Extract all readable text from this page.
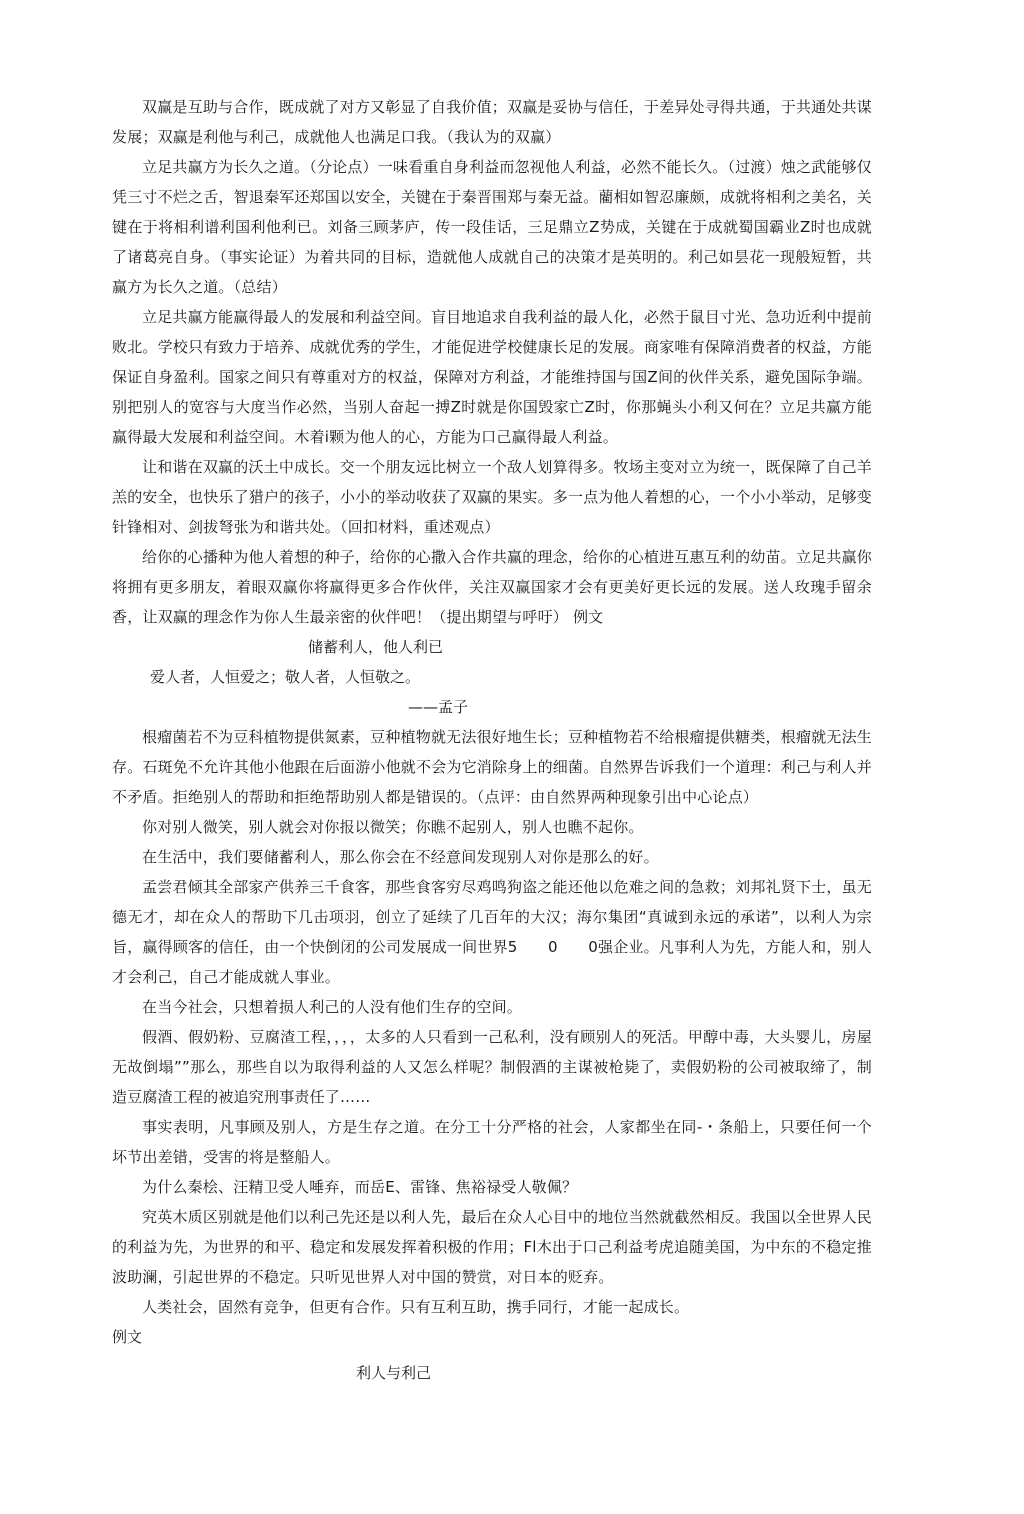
双赢是互助与合作，既成就了对方又彰显了自我价值；双赢是妥协与信任，于差异处寻得共通，于共通处共谋发展；双赢是利他与利己，成就他人也满足口我。（我认为的双赢）

立足共赢方为长久之道。（分论点）一味看重自身利益而忽视他人利益，必然不能长久。（过渡）烛之武能够仅凭三寸不烂之舌，智退秦军还郑国以安全，关键在于秦晋围郑与秦无益。藺相如智忍廉颇，成就将相利之美名，关键在于将相利谱利国利他利已。刘备三顾茅庐，传一段佳话，三足鼎立Z势成，关键在于成就蜀国霸业Z时也成就了诸葛亮自身。（事实论证）为着共同的目标，造就他人成就自己的决策才是英明的。利己如昙花一现般短暂，共赢方为长久之道。（总结）

立足共赢方能赢得最人的发展和利益空间。盲目地追求自我利益的最人化，必然于鼠目寸光、急功近利中提前败北。学校只有致力于培养、成就优秀的学生，才能促进学校健康长足的发展。商家唯有保障消费者的权益，方能保证自身盈利。国家之间只有尊重对方的权益，保障对方利益，才能维持国与国Z间的伙伴关系，避免国际争端。别把别人的宽容与大度当作必然，当别人奋起一搏Z时就是你国毁家亡Z时，你那蝇头小利又何在？立足共赢方能赢得最大发展和利益空间。木着i颗为他人的心，方能为口己赢得最人利益。

让和谐在双赢的沃土中成长。交一个朋友远比树立一个敌人划算得多。牧场主变对立为统一，既保障了自己羊羔的安全，也快乐了猎户的孩子，小小的举动收获了双赢的果实。多一点为他人着想的心，一个小小举动，足够变针锋相对、剑拔弩张为和谐共处。（回扣材料，重述观点）

给你的心播种为他人着想的种子，给你的心撒入合作共赢的理念，给你的心植进互惠互利的幼苗。立足共赢你将拥有更多朋友，着眼双赢你将赢得更多合作伙伴，关注双赢国家才会有更美好更长远的发展。送人玫瑰手留余香，让双赢的理念作为你人生最亲密的伙伴吧！（提出期望与呼吁） 例文

储蓄利人，他人利已

爱人者，人恒爱之；敬人者，人恒敬之。

——孟子

根瘤菌若不为豆科植物提供氮素，豆种植物就无法很好地生长；豆种植物若不给根瘤提供糖类，根瘤就无法生存。石斑免不允许其他小他跟在后面游小他就不会为它消除身上的细菌。自然界告诉我们一个道理：利己与利人并不矛盾。拒绝别人的帮助和拒绝帮助别人都是错误的。（点评：由自然界两种现象引出中心论点）

你对别人微笑，别人就会对你报以微笑；你瞧不起别人，别人也瞧不起你。

在生活中，我们要储蓄利人，那么你会在不经意间发现别人对你是那么的好。

孟尝君倾其全部家产供养三千食客，那些食客穷尽鸡鸣狗盗之能还他以危难之间的急救；刘邦礼贤下士，虽无德无才，却在众人的帮助下几击项羽，创立了延续了几百年的大汉；海尔集团“真诚到永远的承诺”，以利人为宗旨，赢得顾客的信任，由一个快倒闭的公司发展成一间世界5　　0　　0强企业。凡事利人为先，方能人和，别人才会利己，自己才能成就人事业。

在当今社会，只想着损人利己的人没有他们生存的空间。

假酒、假奶粉、豆腐渣工程，，，，太多的人只看到一己私利，没有顾别人的死活。甲醇中毒，大头婴儿，房屋无故倒塌””那么，那些自以为取得利益的人又怎么样呢？制假酒的主谋被枪毙了，卖假奶粉的公司被取缔了，制造豆腐渣工程的被追究刑事责任了……

事实表明，凡事顾及别人，方是生存之道。在分工十分严格的社会，人家都坐在同-・条船上，只要任何一个坏节出差错，受害的将是整船人。

为什么秦桧、汪精卫受人唾弃，而岳E、雷锋、焦裕禄受人敬佩？

究英木质区别就是他们以利己先还是以利人先，最后在众人心目中的地位当然就截然相反。我国以全世界人民的利益为先，为世界的和平、稳定和发展发挥着积极的作用；Fl木出于口己利益考虎追随美国，为中东的不稳定推波助澜，引起世界的不稳定。只听见世界人对中国的赞赏，对日本的贬弃。

人类社会，固然有竞争，但更有合作。只有互利互助，携手同行，才能一起成长。

例文

利人与利己
